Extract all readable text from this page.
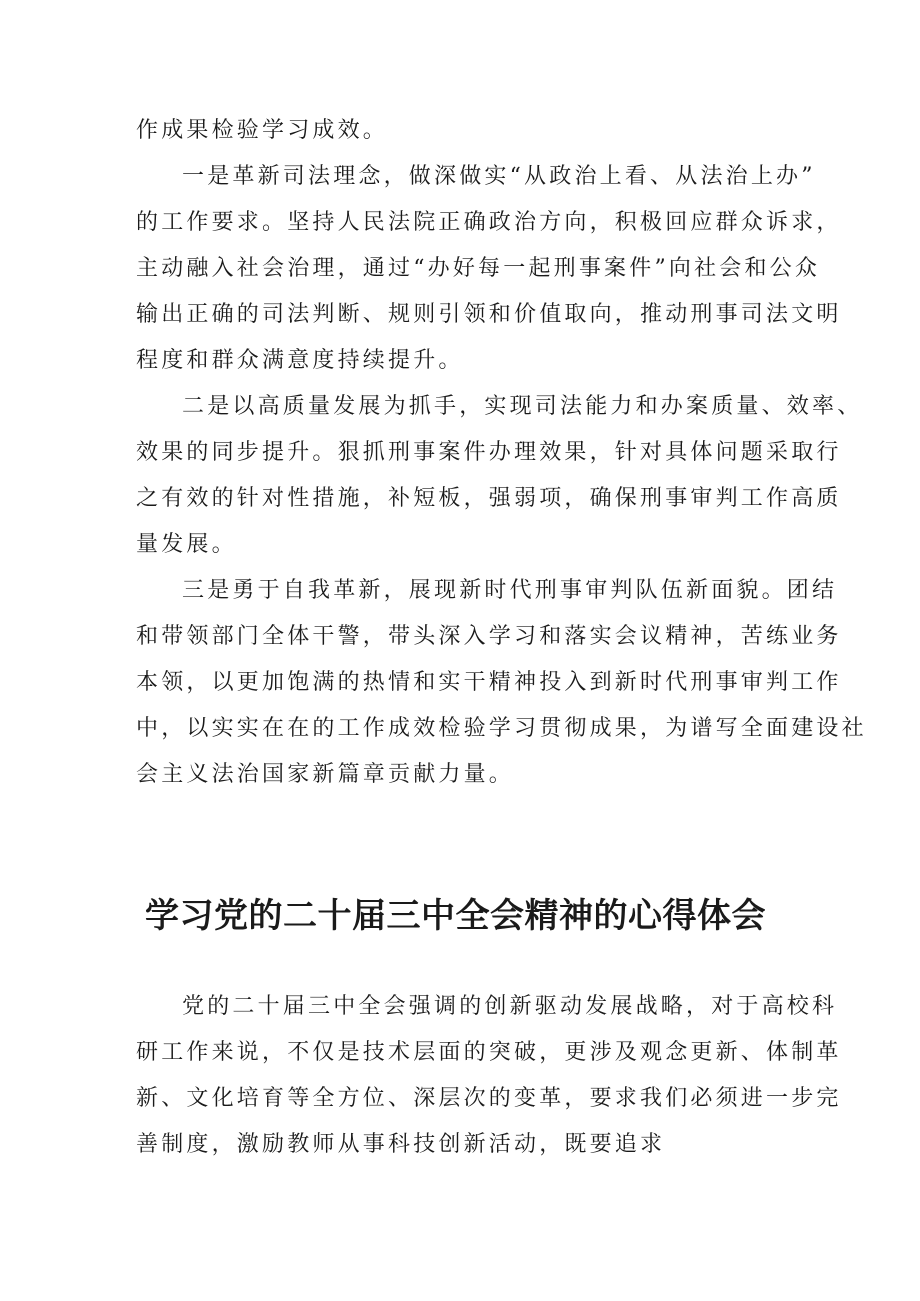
作成果检验学习成效。

一是革新司法理念，做深做实“从政治上看、从法治上办”

的工作要求。坚持人民法院正确政治方向，积极回应群众诉求，

主动融入社会治理，通过“办好每一起刑事案件”向社会和公众

输出正确的司法判断、规则引领和价值取向，推动刑事司法文明

程度和群众满意度持续提升。

二是以高质量发展为抓手，实现司法能力和办案质量、效率、

效果的同步提升。狠抓刑事案件办理效果，针对具体问题采取行

之有效的针对性措施，补短板，强弱项，确保刑事审判工作高质

量发展。

三是勇于自我革新，展现新时代刑事审判队伍新面貌。团结

和带领部门全体干警，带头深入学习和落实会议精神，苦练业务

本领，以更加饱满的热情和实干精神投入到新时代刑事审判工作

中，以实实在在的工作成效检验学习贯彻成果，为谱写全面建设社

会主义法治国家新篇章贡献力量。

学习党的二十届三中全会精神的心得体会

党的二十届三中全会强调的创新驱动发展战略，对于高校科

研工作来说，不仅是技术层面的突破，更涉及观念更新、体制革

新、文化培育等全方位、深层次的变革，要求我们必须进一步完

善制度，激励教师从事科技创新活动，既要追求
